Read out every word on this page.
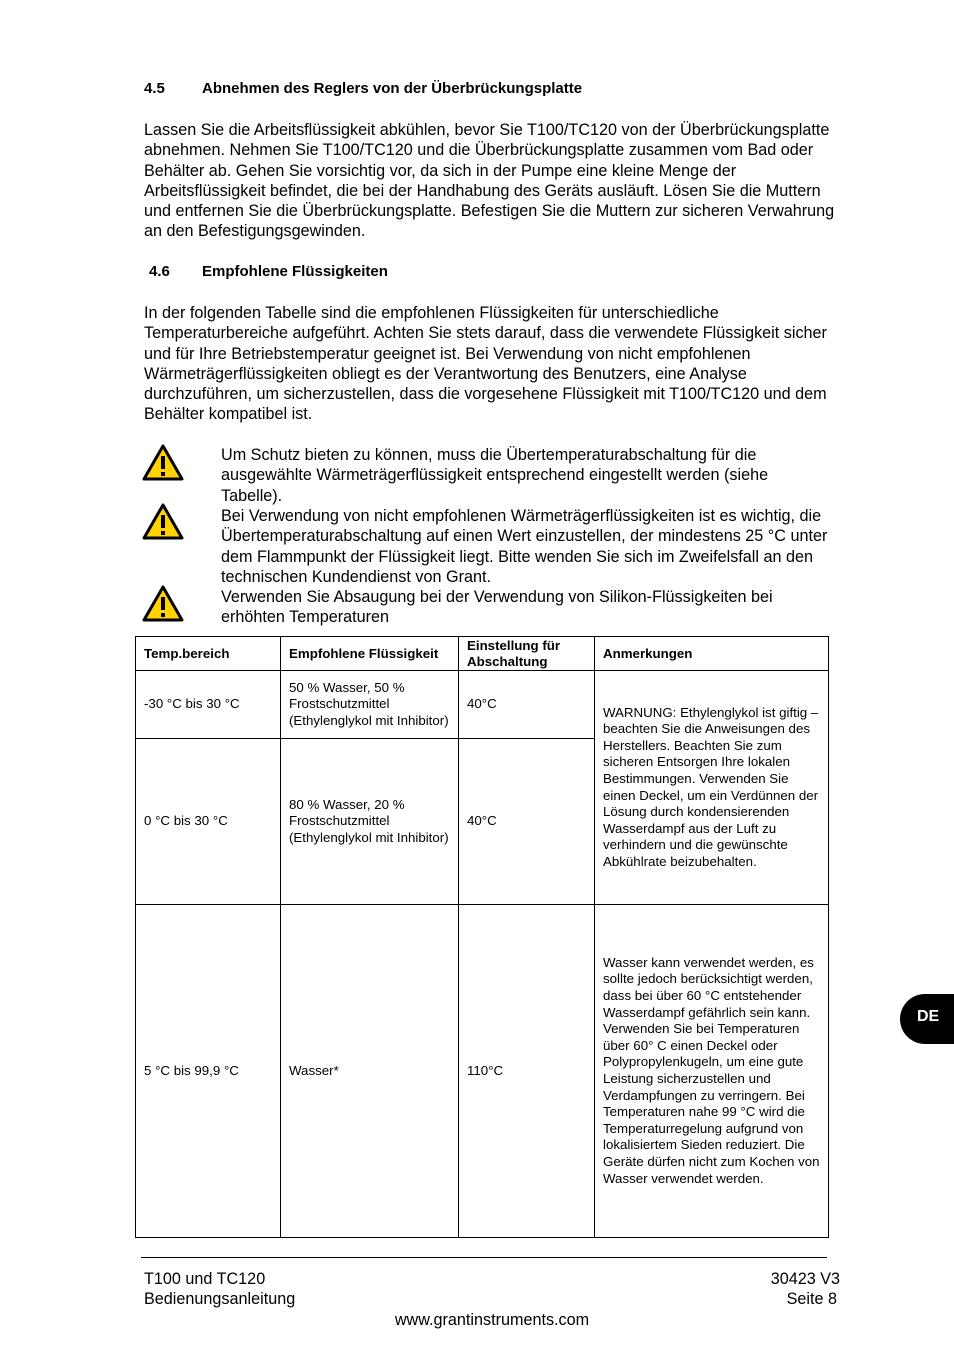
4.5 Abnehmen des Reglers von der Überbrückungsplatte
Lassen Sie die Arbeitsflüssigkeit abkühlen, bevor Sie T100/TC120 von der Überbrückungsplatte abnehmen. Nehmen Sie T100/TC120 und die Überbrückungsplatte zusammen vom Bad oder Behälter ab. Gehen Sie vorsichtig vor, da sich in der Pumpe eine kleine Menge der Arbeitsflüssigkeit befindet, die bei der Handhabung des Geräts ausläuft. Lösen Sie die Muttern und entfernen Sie die Überbrückungsplatte. Befestigen Sie die Muttern zur sicheren Verwahrung an den Befestigungsgewinden.
4.6 Empfohlene Flüssigkeiten
In der folgenden Tabelle sind die empfohlenen Flüssigkeiten für unterschiedliche Temperaturbereiche aufgeführt. Achten Sie stets darauf, dass die verwendete Flüssigkeit sicher und für Ihre Betriebstemperatur geeignet ist. Bei Verwendung von nicht empfohlenen Wärmeträgerflüssigkeiten obliegt es der Verantwortung des Benutzers, eine Analyse durchzuführen, um sicherzustellen, dass die vorgesehene Flüssigkeit mit T100/TC120 und dem Behälter kompatibel ist.
Um Schutz bieten zu können, muss die Übertemperaturabschaltung für die ausgewählte Wärmeträgerflüssigkeit entsprechend eingestellt werden (siehe Tabelle).
Bei Verwendung von nicht empfohlenen Wärmeträgerflüssigkeiten ist es wichtig, die Übertemperaturabschaltung auf einen Wert einzustellen, der mindestens 25 °C unter dem Flammpunkt der Flüssigkeit liegt. Bitte wenden Sie sich im Zweifelsfall an den technischen Kundendienst von Grant.
Verwenden Sie Absaugung bei der Verwendung von Silikon-Flüssigkeiten bei erhöhten Temperaturen
Temp.bereich	Empfohlene Flüssigkeit	Einstellung für Abschaltung	Anmerkungen
-30 °C bis 30 °C	50 % Wasser, 50 % Frostschutzmittel (Ethylenglykol mit Inhibitor)	40°C	WARNUNG: Ethylenglykol ist giftig – beachten Sie die Anweisungen des Herstellers. Beachten Sie zum sicheren Entsorgen Ihre lokalen Bestimmungen. Verwenden Sie einen Deckel, um ein Verdünnen der Lösung durch kondensierenden Wasserdampf aus der Luft zu verhindern und die gewünschte Abkühlrate beizubehalten.
0 °C bis 30 °C	80 % Wasser, 20 % Frostschutzmittel (Ethylenglykol mit Inhibitor)	40°C	
5 °C bis 99,9 °C	Wasser*	110°C	Wasser kann verwendet werden, es sollte jedoch berücksichtigt werden, dass bei über 60 °C entstehender Wasserdampf gefährlich sein kann. Verwenden Sie bei Temperaturen über 60° C einen Deckel oder Polypropylenkugeln, um eine gute Leistung sicherzustellen und Verdampfungen zu verringern. Bei Temperaturen nahe 99 °C wird die Temperaturregelung aufgrund von lokalisiertem Sieden reduziert. Die Geräte dürfen nicht zum Kochen von Wasser verwendet werden.
DE
T100 und TC120
Bedienungsanleitung
30423 V3
Seite 8
www.grantinstruments.com
